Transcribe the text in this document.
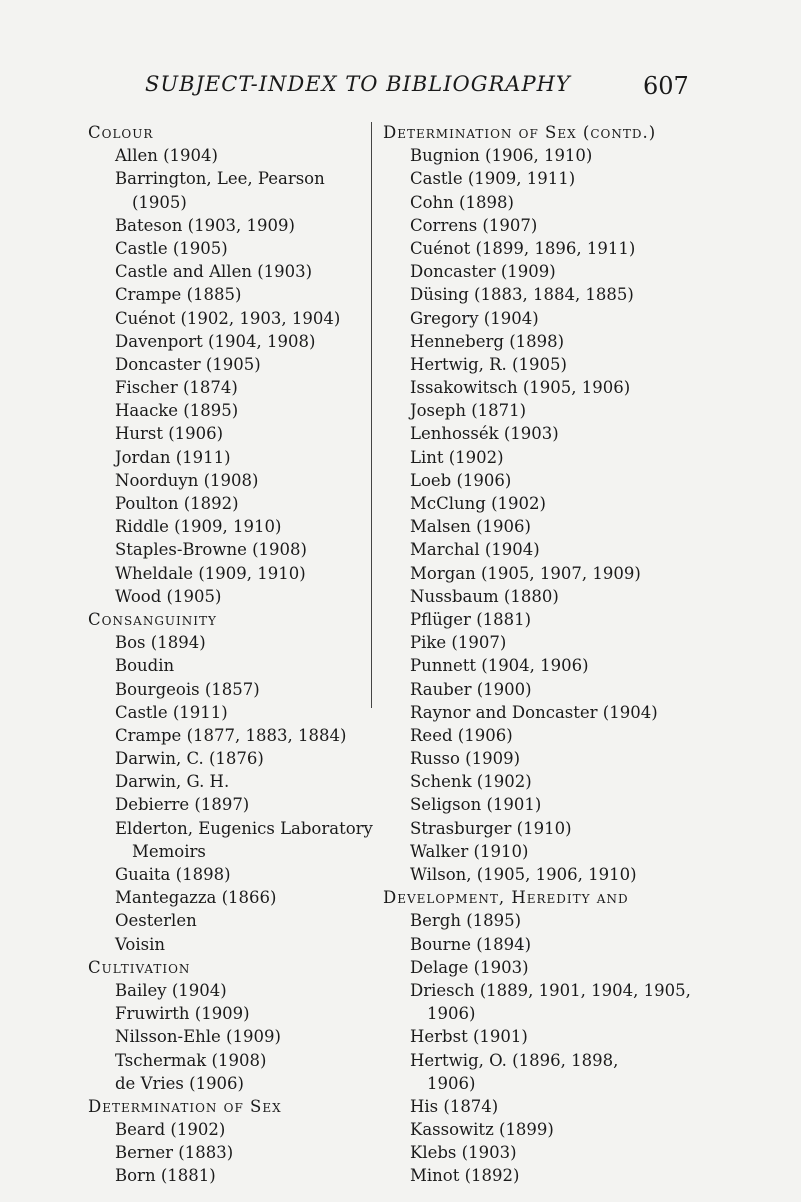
SUBJECT-INDEX TO BIBLIOGRAPHY	607
Colour
Allen (1904)
Barrington, Lee, Pearson
(1905)
Bateson (1903, 1909)
Castle (1905)
Castle and Allen (1903)
Crampe (1885)
Cuénot (1902, 1903, 1904)
Davenport (1904, 1908)
Doncaster (1905)
Fischer (1874)
Haacke (1895)
Hurst (1906)
Jordan (1911)
Noorduyn (1908)
Poulton (1892)
Riddle (1909, 1910)
Staples-Browne (1908)
Wheldale (1909, 1910)
Wood (1905)
Consanguinity
Bos (1894)
Boudin
Bourgeois (1857)
Castle (1911)
Crampe (1877, 1883, 1884)
Darwin, C. (1876)
Darwin, G. H.
Debierre (1897)
Elderton, Eugenics Laboratory
Memoirs
Guaita (1898)
Mantegazza (1866)
Oesterlen
Voisin
Cultivation
Bailey (1904)
Fruwirth (1909)
Nilsson-Ehle (1909)
Tschermak (1908)
de Vries (1906)
Determination of Sex
Beard (1902)
Berner (1883)
Born (1881)
Determination of Sex (contd.)
Bugnion (1906, 1910)
Castle (1909, 1911)
Cohn (1898)
Correns (1907)
Cuénot (1899, 1896, 1911)
Doncaster (1909)
Düsing (1883, 1884, 1885)
Gregory (1904)
Henneberg (1898)
Hertwig, R. (1905)
Issakowitsch (1905, 1906)
Joseph (1871)
Lenhossék (1903)
Lint (1902)
Loeb (1906)
McClung (1902)
Malsen (1906)
Marchal (1904)
Morgan (1905, 1907, 1909)
Nussbaum (1880)
Pflüger (1881)
Pike (1907)
Punnett (1904, 1906)
Rauber (1900)
Raynor and Doncaster (1904)
Reed (1906)
Russo (1909)
Schenk (1902)
Seligson (1901)
Strasburger (1910)
Walker (1910)
Wilson, (1905, 1906, 1910)
Development, Heredity and
Bergh (1895)
Bourne (1894)
Delage (1903)
Driesch (1889, 1901, 1904, 1905,
1906)
Herbst (1901)
Hertwig, O. (1896, 1898,
1906)
His (1874)
Kassowitz (1899)
Klebs (1903)
Minot (1892)
